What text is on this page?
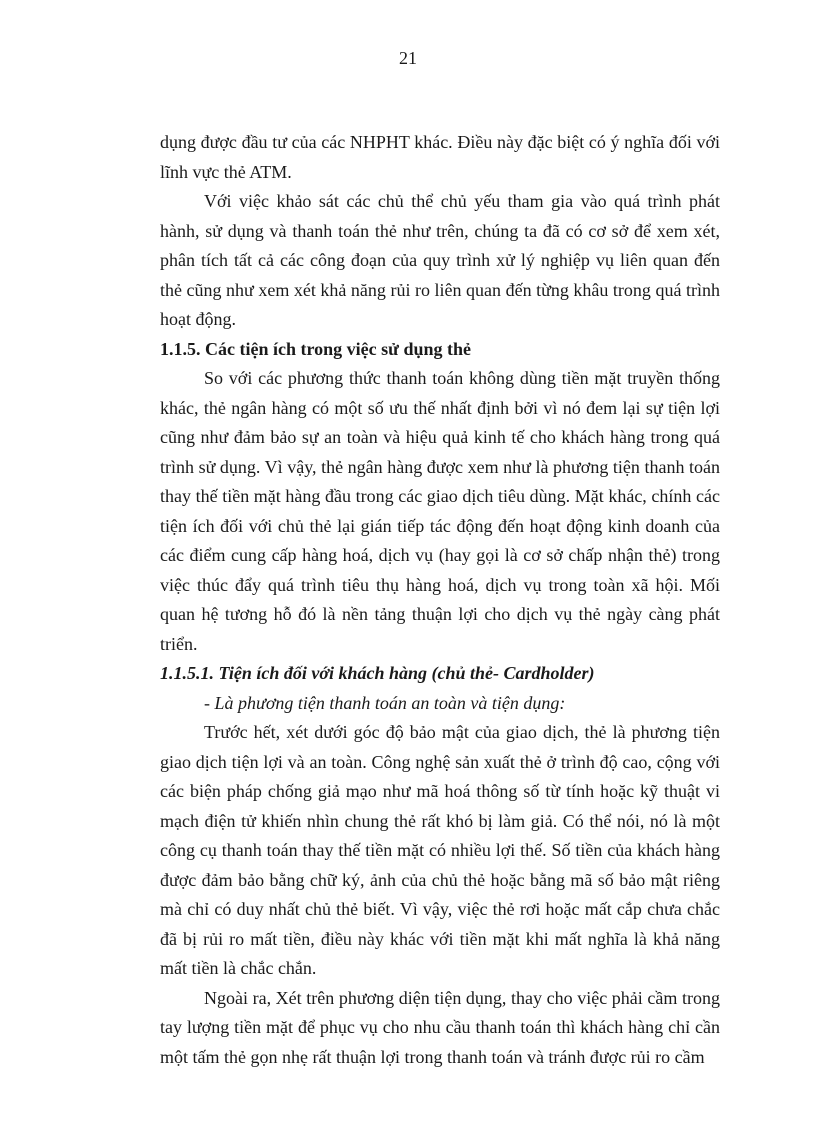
21

dụng được đầu tư của các NHPHT khác. Điều này đặc biệt có ý nghĩa đối với lĩnh vực thẻ ATM.

Với việc khảo sát các chủ thể chủ yếu tham gia vào quá trình phát hành, sử dụng và thanh toán thẻ như trên, chúng ta đã có cơ sở để xem xét, phân tích tất cả các công đoạn của quy trình xử lý nghiệp vụ liên quan đến thẻ cũng như xem xét khả năng rủi ro liên quan đến từng khâu trong quá trình hoạt động.

1.1.5. Các tiện ích trong việc sử dụng thẻ

So với các phương thức thanh toán không dùng tiền mặt truyền thống khác, thẻ ngân hàng có một số ưu thế nhất định bởi vì nó đem lại sự tiện lợi cũng như đảm bảo sự an toàn và hiệu quả kinh tế cho khách hàng trong quá trình sử dụng. Vì vậy, thẻ ngân hàng được xem như là phương tiện thanh toán thay thế tiền mặt hàng đầu trong các giao dịch tiêu dùng. Mặt khác, chính các tiện ích đối với chủ thẻ lại gián tiếp tác động đến hoạt động kinh doanh của các điểm cung cấp hàng hoá, dịch vụ (hay gọi là cơ sở chấp nhận thẻ) trong việc thúc đẩy quá trình tiêu thụ hàng hoá, dịch vụ trong toàn xã hội. Mối quan hệ tương hỗ đó là nền tảng thuận lợi cho dịch vụ thẻ ngày càng phát triển.

1.1.5.1. Tiện ích đối với khách hàng (chủ thẻ- Cardholder)

- Là phương tiện thanh toán an toàn và tiện dụng:

Trước hết, xét dưới góc độ bảo mật của giao dịch, thẻ là phương tiện giao dịch tiện lợi và an toàn. Công nghệ sản xuất thẻ ở trình độ cao, cộng với các biện pháp chống giả mạo như mã hoá thông số từ tính hoặc kỹ thuật vi mạch điện tử khiến nhìn chung thẻ rất khó bị làm giả. Có thể nói, nó là một công cụ thanh toán thay thế tiền mặt có nhiều lợi thế. Số tiền của khách hàng được đảm bảo bằng chữ ký, ảnh của chủ thẻ hoặc bằng mã số bảo mật riêng mà chỉ có duy nhất chủ thẻ biết. Vì vậy, việc thẻ rơi hoặc mất cắp chưa chắc đã bị rủi ro mất tiền, điều này khác với tiền mặt khi mất nghĩa là khả năng mất tiền là chắc chắn.

Ngoài ra, Xét trên phương diện tiện dụng, thay cho việc phải cầm trong tay lượng tiền mặt để phục vụ cho nhu cầu thanh toán thì khách hàng chỉ cần một tấm thẻ gọn nhẹ rất thuận lợi trong thanh toán và tránh được rủi ro cầm
